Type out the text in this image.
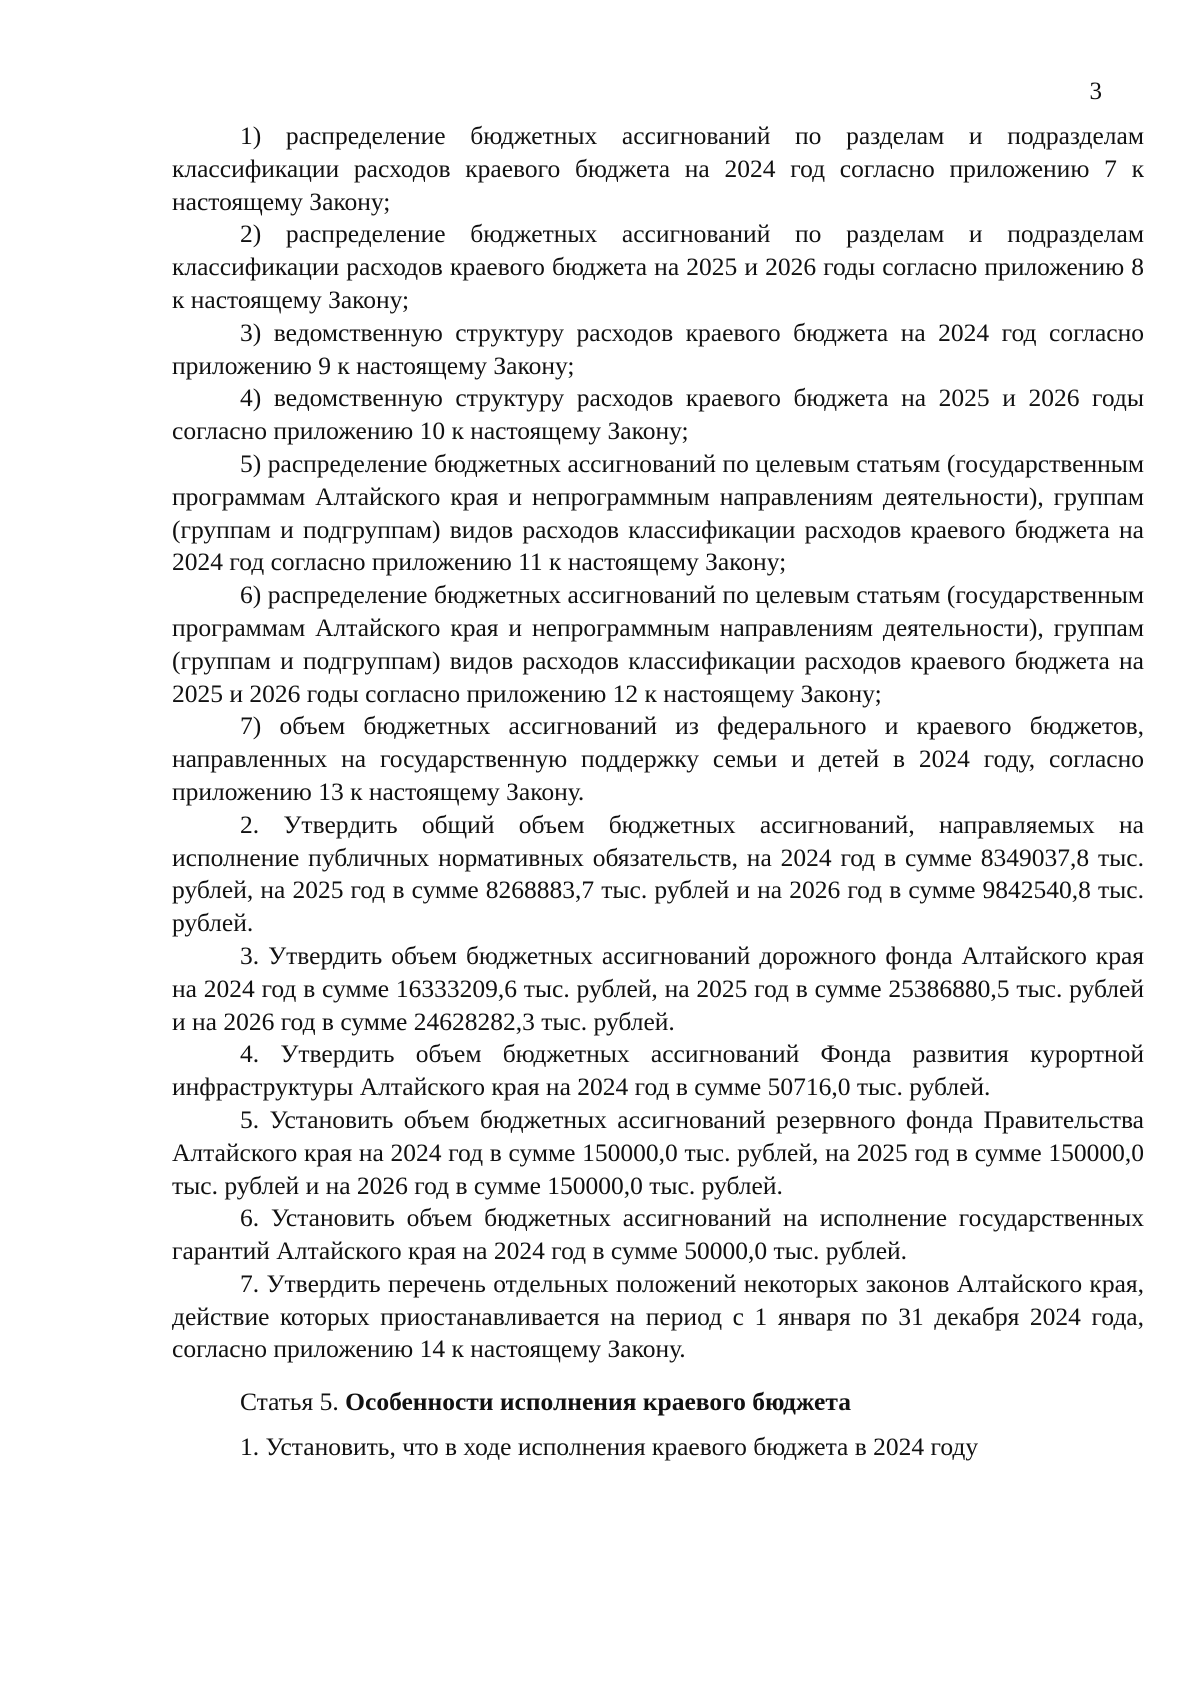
3

1) распределение бюджетных ассигнований по разделам и подразделам классификации расходов краевого бюджета на 2024 год согласно приложению 7 к настоящему Закону;

2) распределение бюджетных ассигнований по разделам и подразделам классификации расходов краевого бюджета на 2025 и 2026 годы согласно приложению 8 к настоящему Закону;

3) ведомственную структуру расходов краевого бюджета на 2024 год согласно приложению 9 к настоящему Закону;

4) ведомственную структуру расходов краевого бюджета на 2025 и 2026 годы согласно приложению 10 к настоящему Закону;

5) распределение бюджетных ассигнований по целевым статьям (государственным программам Алтайского края и непрограммным направлениям деятельности), группам (группам и подгруппам) видов расходов классификации расходов краевого бюджета на 2024 год согласно приложению 11 к настоящему Закону;

6) распределение бюджетных ассигнований по целевым статьям (государственным программам Алтайского края и непрограммным направлениям деятельности), группам (группам и подгруппам) видов расходов классификации расходов краевого бюджета на 2025 и 2026 годы согласно приложению 12 к настоящему Закону;

7) объем бюджетных ассигнований из федерального и краевого бюджетов, направленных на государственную поддержку семьи и детей в 2024 году, согласно приложению 13 к настоящему Закону.

2. Утвердить общий объем бюджетных ассигнований, направляемых на исполнение публичных нормативных обязательств, на 2024 год в сумме 8349037,8 тыс. рублей, на 2025 год в сумме 8268883,7 тыс. рублей и на 2026 год в сумме 9842540,8 тыс. рублей.

3. Утвердить объем бюджетных ассигнований дорожного фонда Алтайского края на 2024 год в сумме 16333209,6 тыс. рублей, на 2025 год в сумме 25386880,5 тыс. рублей и на 2026 год в сумме 24628282,3 тыс. рублей.

4. Утвердить объем бюджетных ассигнований Фонда развития курортной инфраструктуры Алтайского края на 2024 год в сумме 50716,0 тыс. рублей.

5. Установить объем бюджетных ассигнований резервного фонда Правительства Алтайского края на 2024 год в сумме 150000,0 тыс. рублей, на 2025 год в сумме 150000,0 тыс. рублей и на 2026 год в сумме 150000,0 тыс. рублей.

6. Установить объем бюджетных ассигнований на исполнение государственных гарантий Алтайского края на 2024 год в сумме 50000,0 тыс. рублей.

7. Утвердить перечень отдельных положений некоторых законов Алтайского края, действие которых приостанавливается на период с 1 января по 31 декабря 2024 года, согласно приложению 14 к настоящему Закону.

Статья 5. Особенности исполнения краевого бюджета

1. Установить, что в ходе исполнения краевого бюджета в 2024 году
